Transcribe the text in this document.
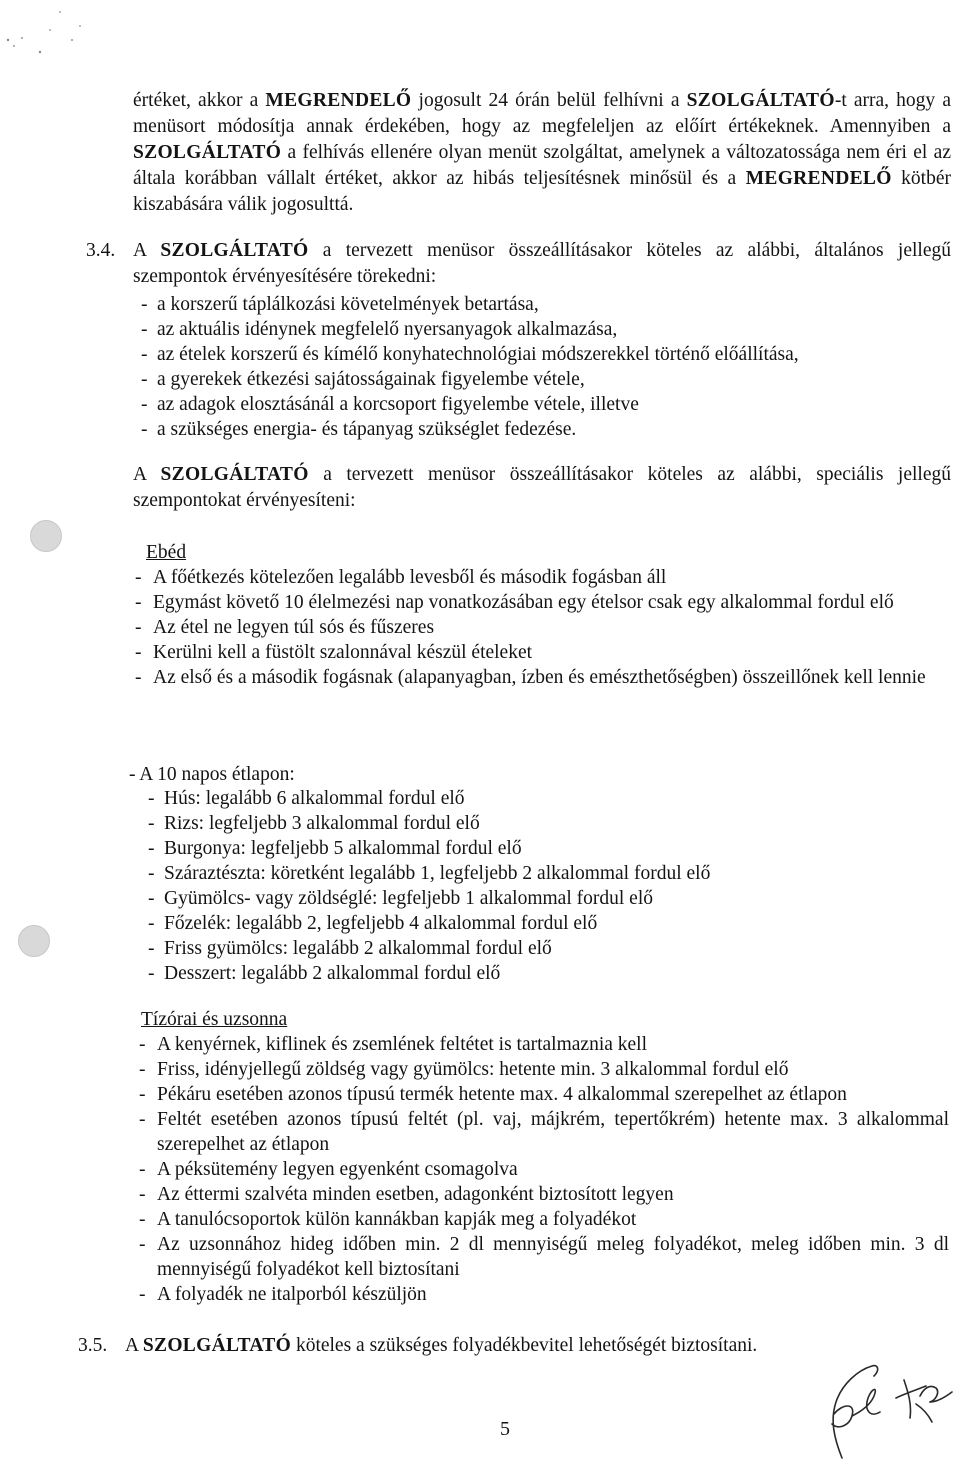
értéket, akkor a MEGRENDELŐ jogosult 24 órán belül felhívni a SZOLGÁLTATÓ-t arra, hogy a menüsort módosítja annak érdekében, hogy az megfeleljen az előírt értékeknek. Amennyiben a SZOLGÁLTATÓ a felhívás ellenére olyan menüt szolgáltat, amelynek a változatossága nem éri el az általa korábban vállalt értéket, akkor az hibás teljesítésnek minősül és a MEGRENDELŐ kötbér kiszabására válik jogosulttá.

3.4. A SZOLGÁLTATÓ a tervezett menüsor összeállításakor köteles az alábbi, általános jellegű szempontok érvényesítésére törekedni:

- a korszerű táplálkozási követelmények betartása,
- az aktuális idénynek megfelelő nyersanyagok alkalmazása,
- az ételek korszerű és kímélő konyhatechnológiai módszerekkel történő előállítása,
- a gyerekek étkezési sajátosságainak figyelembe vétele,
- az adagok elosztásánál a korcsoport figyelembe vétele, illetve
- a szükséges energia- és tápanyag szükséglet fedezése.

A SZOLGÁLTATÓ a tervezett menüsor összeállításakor köteles az alábbi, speciális jellegű szempontokat érvényesíteni:

Ebéd
- A főétkezés kötelezően legalább levesből és második fogásban áll
- Egymást követő 10 élelmezési nap vonatkozásában egy ételsor csak egy alkalommal fordul elő
- Az étel ne legyen túl sós és fűszeres
- Kerülni kell a füstölt szalonnával készül ételeket
- Az első és a második fogásnak (alapanyagban, ízben és emészthetőségben) összeillőnek kell lennie
- A 10 napos étlapon:
- Hús: legalább 6 alkalommal fordul elő
- Rizs: legfeljebb 3 alkalommal fordul elő
- Burgonya: legfeljebb 5 alkalommal fordul elő
- Száraztészta: köretként legalább 1, legfeljebb 2 alkalommal fordul elő
- Gyümölcs- vagy zöldséglé: legfeljebb 1 alkalommal fordul elő
- Főzelék: legalább 2, legfeljebb 4 alkalommal fordul elő
- Friss gyümölcs: legalább 2 alkalommal fordul elő
- Desszert: legalább 2 alkalommal fordul elő
Tízórai és uzsonna
- A kenyérnek, kiflinek és zsemlének feltétet is tartalmaznia kell
- Friss, idényjellegű zöldség vagy gyümölcs: hetente min. 3 alkalommal fordul elő
- Pékáru esetében azonos típusú termék hetente max. 4 alkalommal szerepelhet az étlapon
- Feltét esetében azonos típusú feltét (pl. vaj, májkrém, tepertőkrém) hetente max. 3 alkalommal szerepelhet az étlapon
- A péksütemény legyen egyenként csomagolva
- Az éttermi szalvéta minden esetben, adagonként biztosított legyen
- A tanulócsoportok külön kannákban kapják meg a folyadékot
- Az uzsonnához hideg időben min. 2 dl mennyiségű meleg folyadékot, meleg időben min. 3 dl mennyiségű folyadékot kell biztosítani
- A folyadék ne italporból készüljön
3.5. A SZOLGÁLTATÓ köteles a szükséges folyadékbevitel lehetőségét biztosítani.

5
